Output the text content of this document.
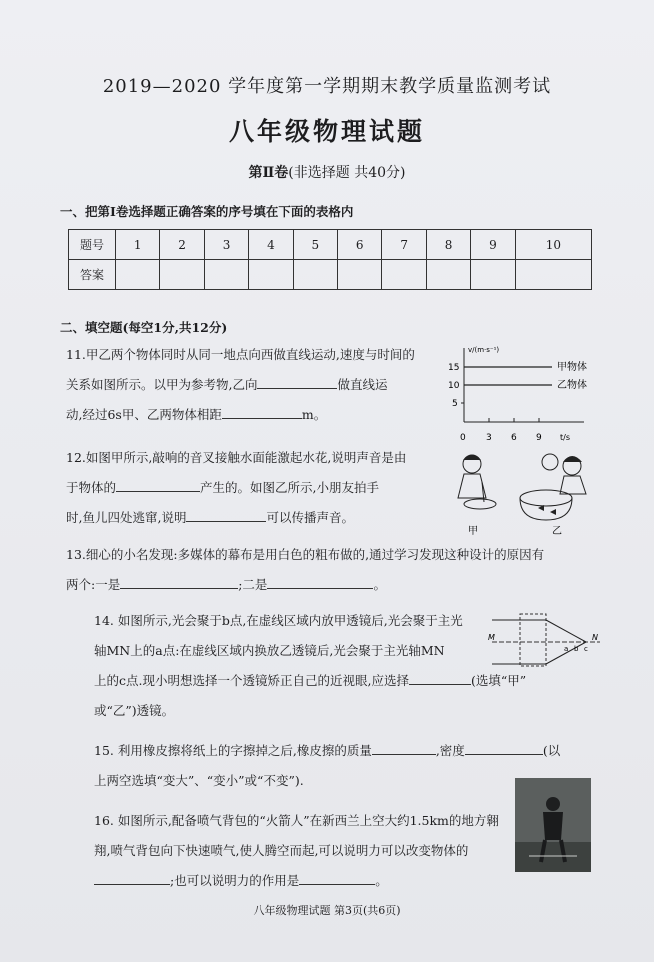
2019—2020 学年度第一学期期末教学质量监测考试
八年级物理试题
第Ⅱ卷(非选择题 共40分)
一、把第Ⅰ卷选择题正确答案的序号填在下面的表格内
题号	1	2	3	4	5	6	7	8	9	10
答案										
二、填空题(每空1分,共12分)
11.甲乙两个物体同时从同一地点向西做直线运动,速度与时间的
关系如图所示。以甲为参考物,乙向	做直线运
动,经过6s甲、乙两物体相距	m。
v/(m·s⁻¹)
15
10
5
甲物体
乙物体
0 3 6 9 t/s
12.如图甲所示,敲响的音叉接触水面能激起水花,说明声音是由
于物体的	产生的。如图乙所示,小朋友拍手
时,鱼儿四处逃窜,说明	可以传播声音。
甲	乙
13.细心的小名发现:多媒体的幕布是用白色的粗布做的,通过学习发现这种设计的原因有
两个:一是	;二是	。
14. 如图所示,光会聚于b点,在虚线区域内放甲透镜后,光会聚于主光
轴MN上的a点:在虚线区域内换放乙透镜后,光会聚于主光轴MN
上的c点.现小明想选择一个透镜矫正自己的近视眼,应选择	(选填“甲”
或“乙”)透镜。
M	N
a b c
15. 利用橡皮擦将纸上的字擦掉之后,橡皮擦的质量	,密度	(以
上两空选填“变大”、“变小”或“不变”).
16. 如图所示,配备喷气背包的“火箭人”在新西兰上空大约1.5km的地方翱
翔,喷气背包向下快速喷气,使人腾空而起,可以说明力可以改变物体的
;也可以说明力的作用是	。
八年级物理试题 第3页(共6页)
